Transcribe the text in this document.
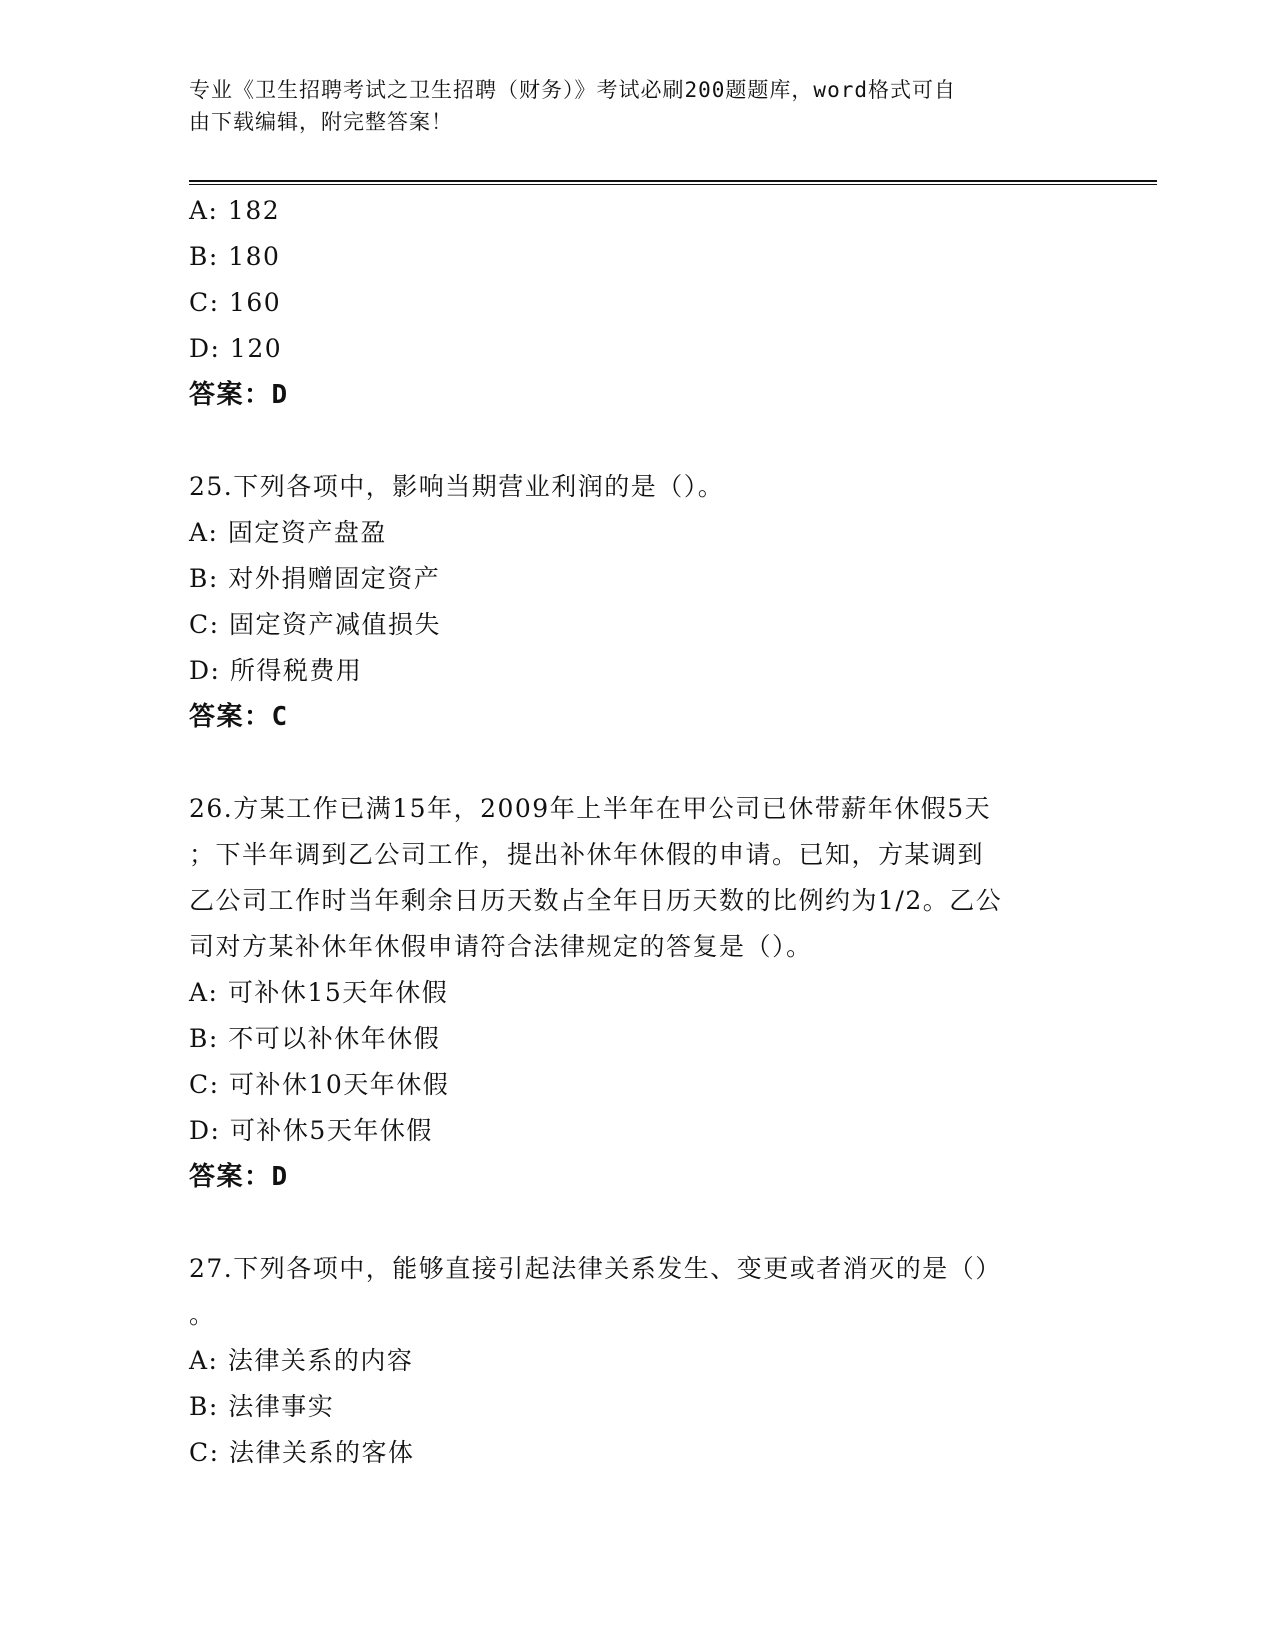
专业《卫生招聘考试之卫生招聘（财务）》考试必刷200题题库，word格式可自
由下载编辑，附完整答案！
A: 182
B: 180
C: 160
D: 120
答案：D
25.下列各项中，影响当期营业利润的是（）。
A: 固定资产盘盈
B: 对外捐赠固定资产
C: 固定资产减值损失
D: 所得税费用
答案：C
26.方某工作已满15年，2009年上半年在甲公司已休带薪年休假5天
；下半年调到乙公司工作，提出补休年休假的申请。已知，方某调到
乙公司工作时当年剩余日历天数占全年日历天数的比例约为1/2。乙公
司对方某补休年休假申请符合法律规定的答复是（）。
A: 可补休15天年休假
B: 不可以补休年休假
C: 可补休10天年休假
D: 可补休5天年休假
答案：D
27.下列各项中，能够直接引起法律关系发生、变更或者消灭的是（）
。
A: 法律关系的内容
B: 法律事实
C: 法律关系的客体
